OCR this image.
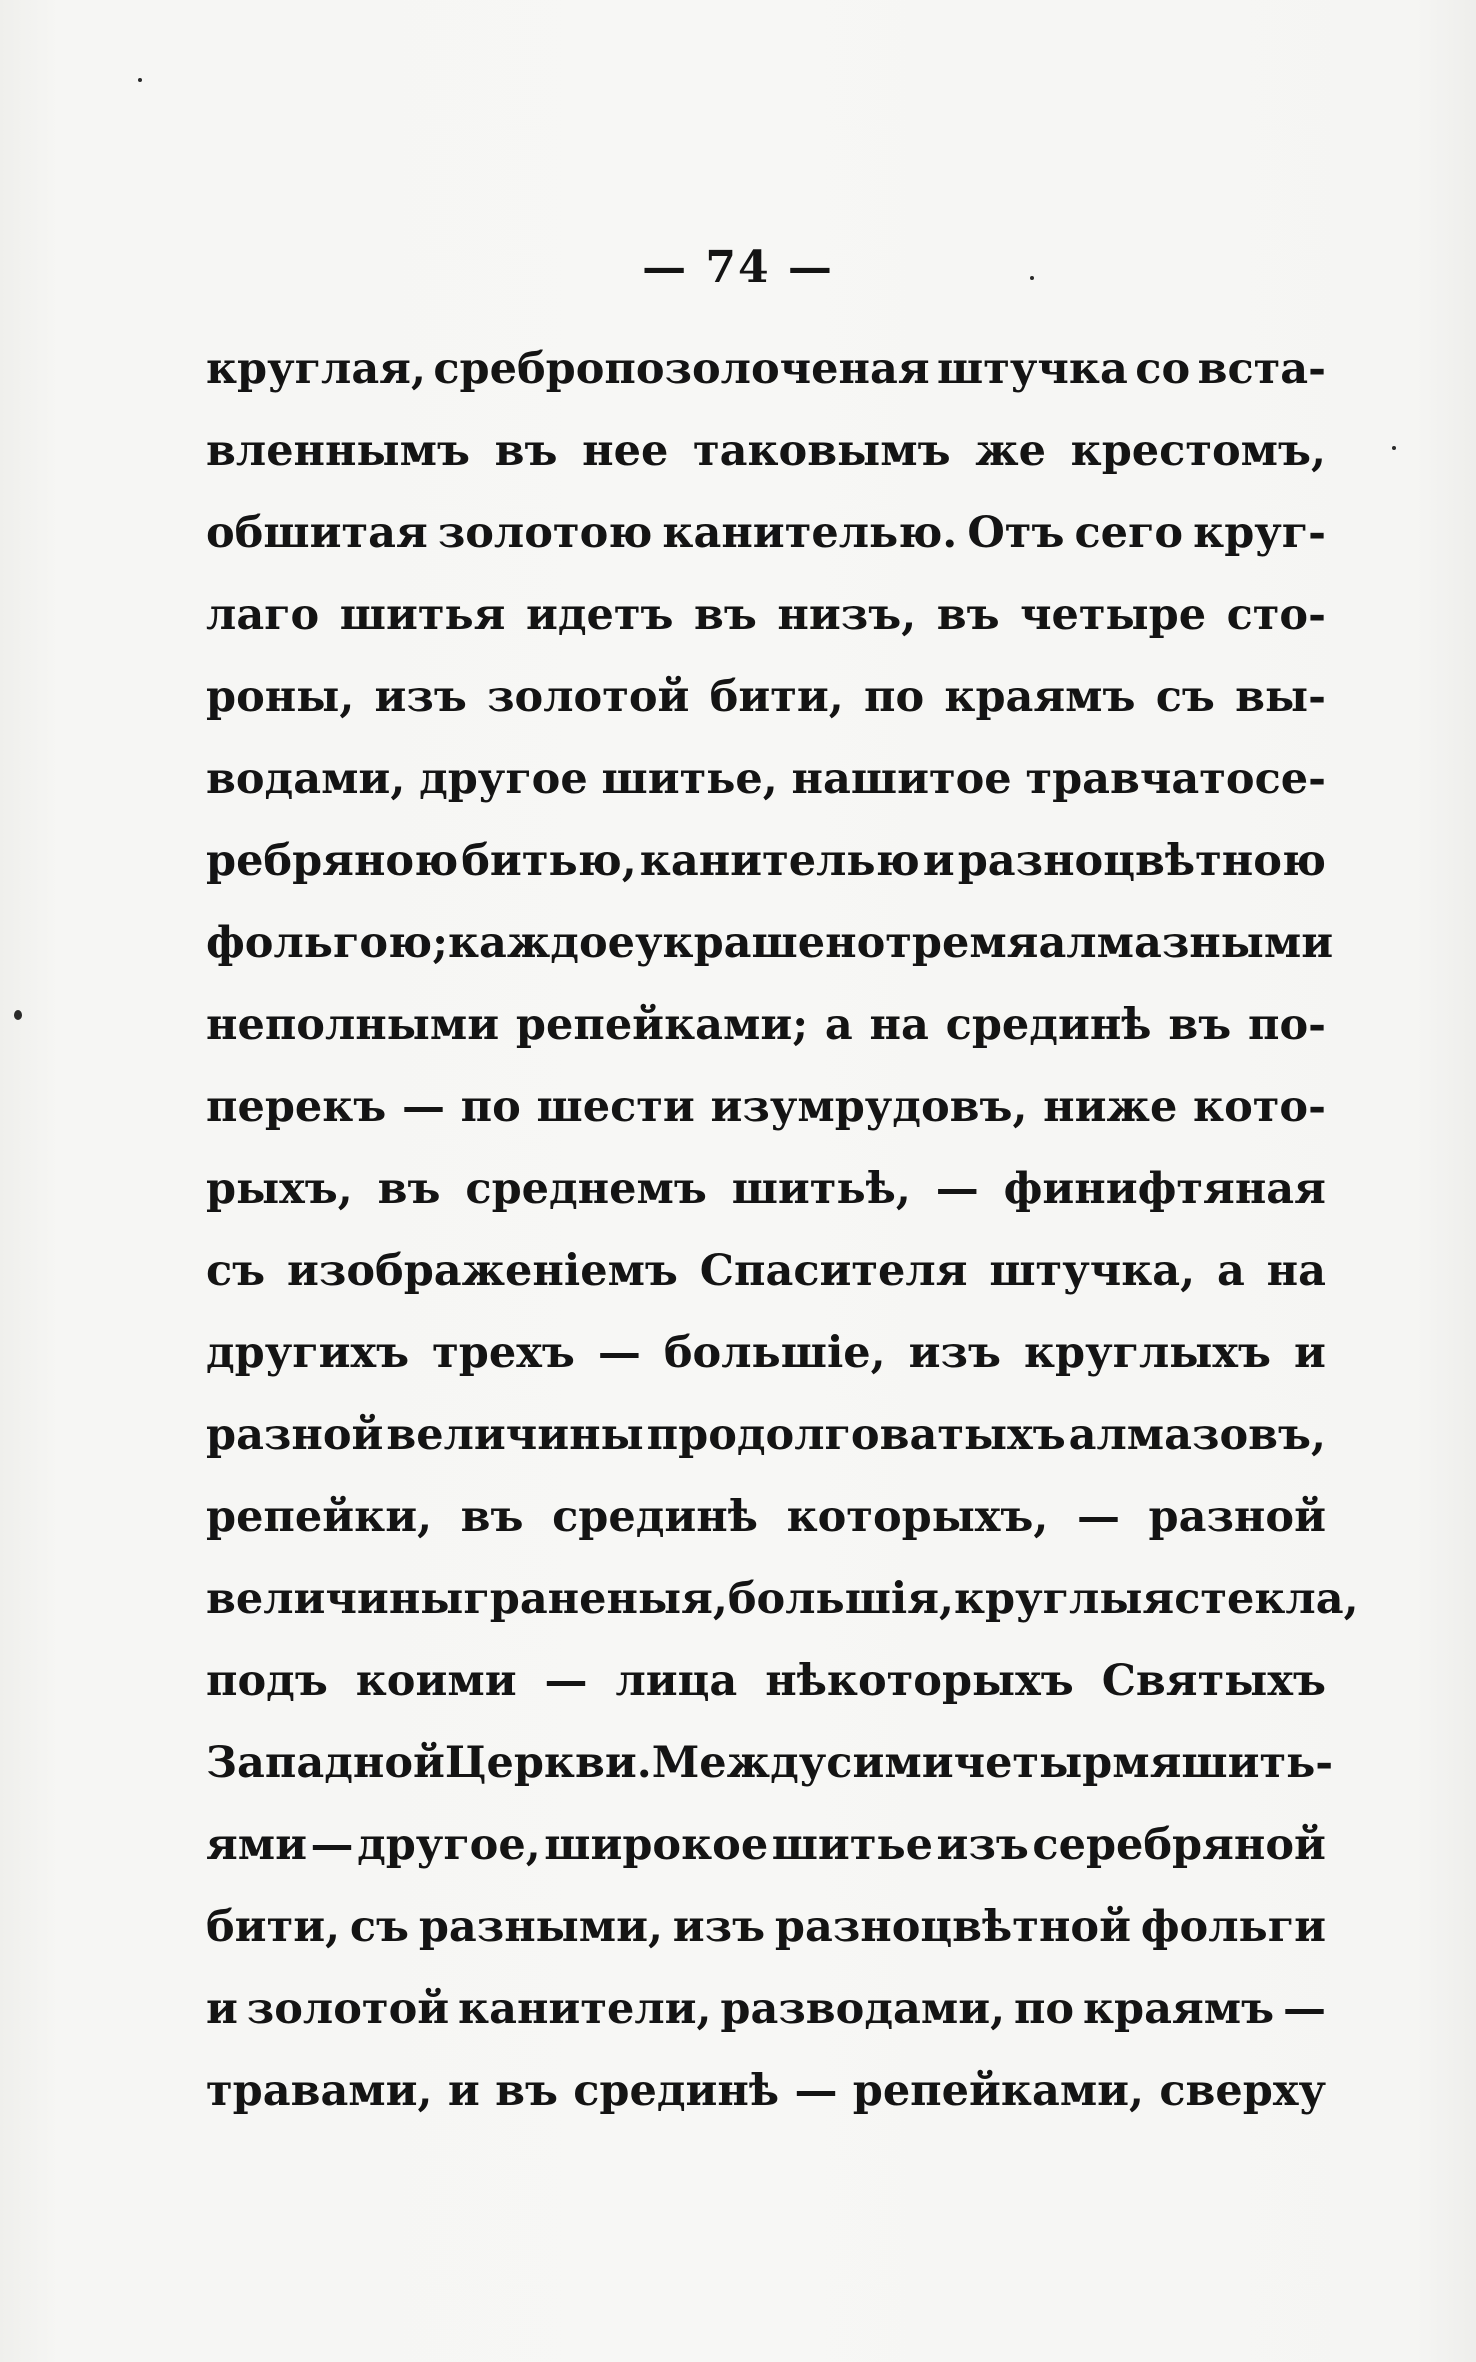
— 74 —
круглая, сребропозолоченая штучка со вста-
вленнымъ въ нее таковымъ же крестомъ,
обшитая золотою канителью. Отъ сего круг-
лаго шитья идетъ въ низъ, въ четыре сто-
роны, изъ золотой бити, по краямъ съ вы-
водами, другое шитье, нашитое травчатосе-
ребряною битью, канителью и разноцвѣтною
фольгою; каждое украшено тремя алмазными
неполными репейками; а на срединѣ въ по-
перекъ — по шести изумрудовъ, ниже кото-
рыхъ, въ среднемъ шитьѣ, — финифтяная
съ изображеніемъ Спасителя штучка, а на
другихъ трехъ — большіе, изъ круглыхъ и
разной величины продолговатыхъ алмазовъ,
репейки, въ срединѣ которыхъ, — разной
величины граненыя, большія, круглыя стекла,
подъ коими — лица нѣкоторыхъ Святыхъ
Западной Церкви. Между сими четырмя шить-
ями — другое, широкое шитье изъ серебряной
бити, съ разными, изъ разноцвѣтной фольги
и золотой канители, разводами, по краямъ —
травами, и въ срединѣ — репейками, сверху
